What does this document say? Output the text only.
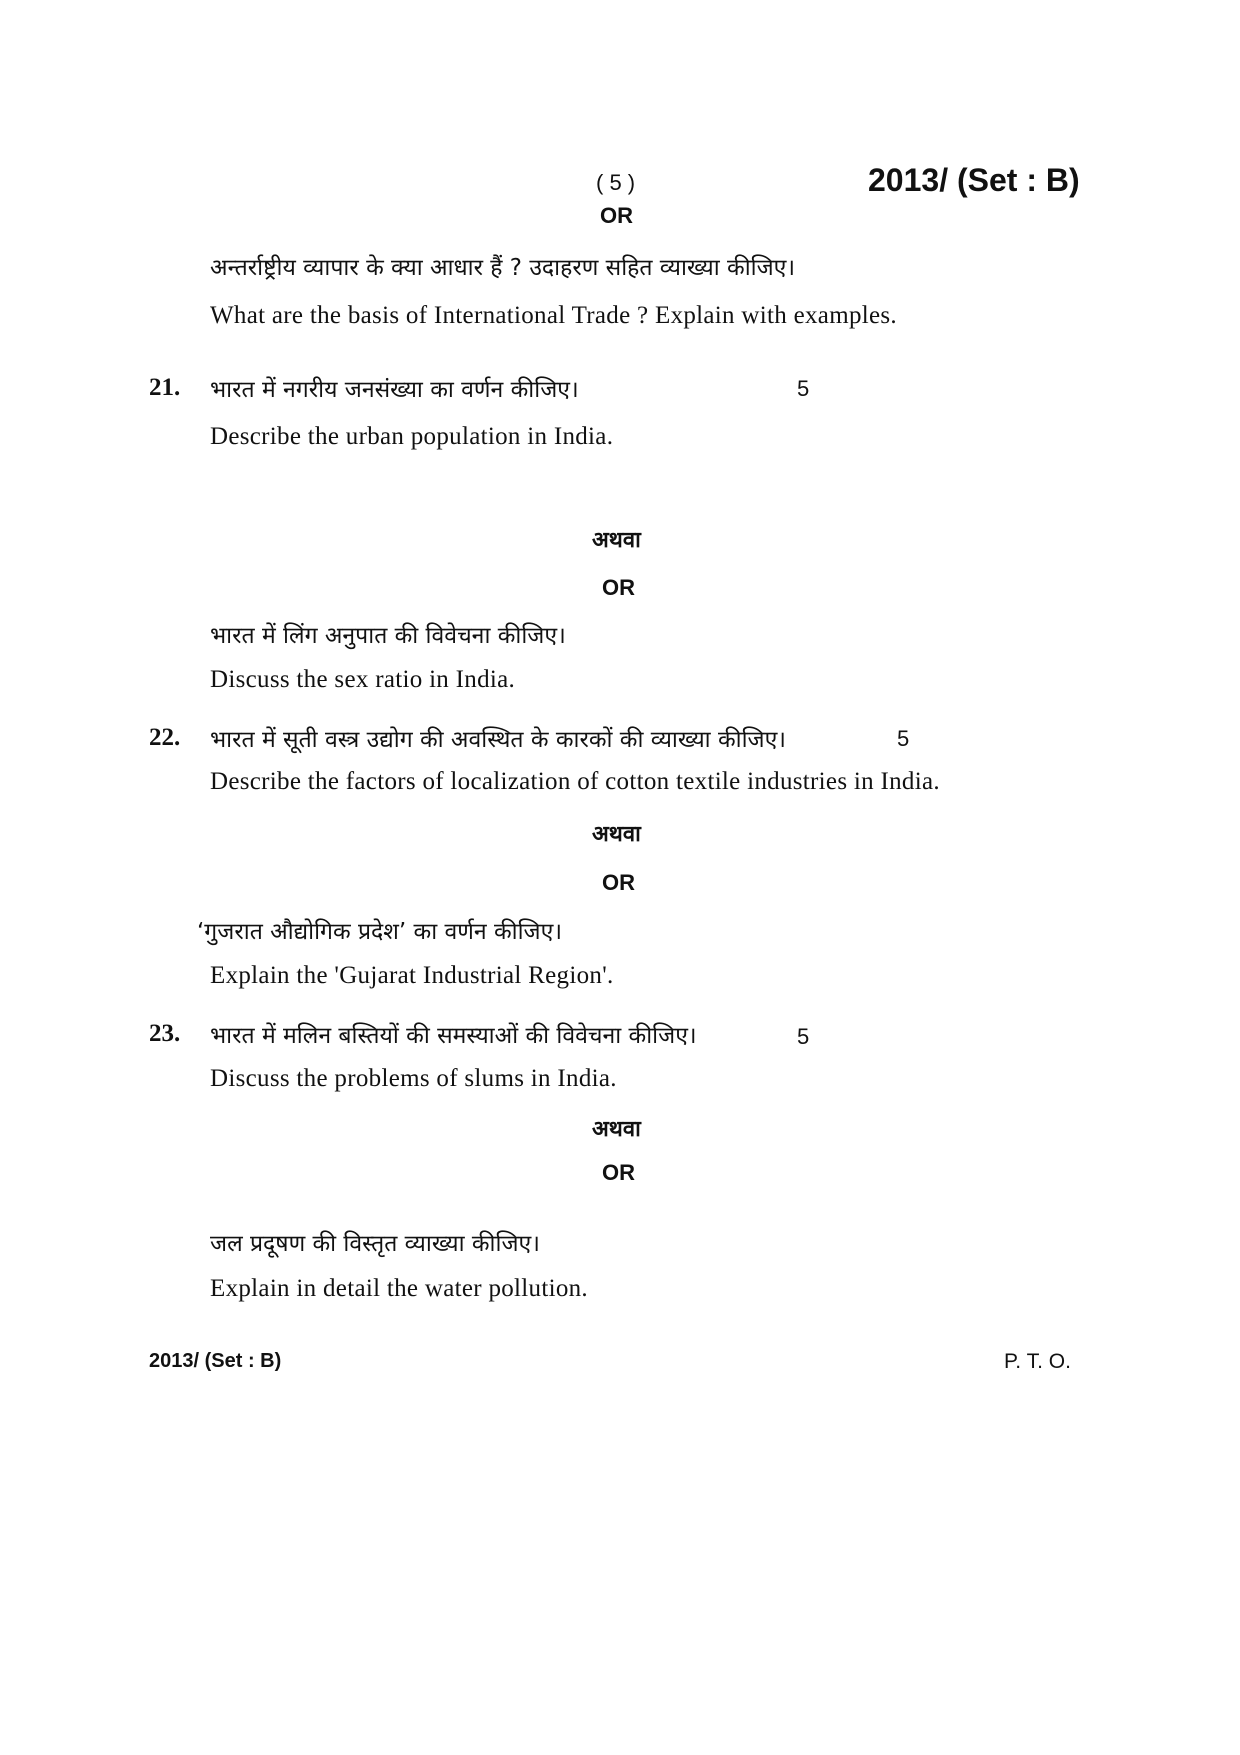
( 5 )	2013/ (Set : B)
OR
अन्तर्राष्ट्रीय व्यापार के क्या आधार हैं ? उदाहरण सहित व्याख्या कीजिए।
What are the basis of International Trade ? Explain with examples.
21. भारत में नगरीय जनसंख्या का वर्णन कीजिए।	5
Describe the urban population in India.
अथवा
OR
भारत में लिंग अनुपात की विवेचना कीजिए।
Discuss the sex ratio in India.
22. भारत में सूती वस्त्र उद्योग की अवस्थित के कारकों की व्याख्या कीजिए।	5
Describe the factors of localization of cotton textile industries in India.
अथवा
OR
‘गुजरात औद्योगिक प्रदेश’ का वर्णन कीजिए।
Explain the 'Gujarat Industrial Region'.
23. भारत में मलिन बस्तियों की समस्याओं की विवेचना कीजिए।	5
Discuss the problems of slums in India.
अथवा
OR
जल प्रदूषण की विस्तृत व्याख्या कीजिए।
Explain in detail the water pollution.
2013/ (Set : B)	P. T. O.
